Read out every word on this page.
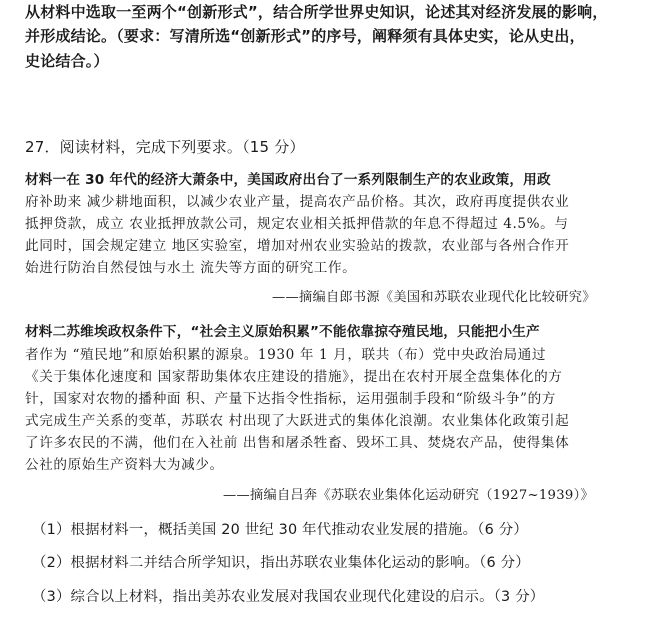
从材料中选取一至两个“创新形式”，结合所学世界史知识，论述其对经济发展的影响，
并形成结论。（要求：写清所选“创新形式”的序号，阐释须有具体史实，论从史出，
史论结合。）
27．阅读材料，完成下列要求。（15 分）
材料一在 30 年代的经济大萧条中，美国政府出台了一系列限制生产的农业政策，用政
府补助来 减少耕地面积，以减少农业产量，提高农产品价格。其次，政府再度提供农业
抵押贷款，成立 农业抵押放款公司，规定农业相关抵押借款的年息不得超过 4.5%。与
此同时，国会规定建立 地区实验室，增加对州农业实验站的拨款，农业部与各州合作开
始进行防治自然侵蚀与水土 流失等方面的研究工作。
——摘编自郎书源《美国和苏联农业现代化比较研究》
材料二苏维埃政权条件下，“社会主义原始积累”不能依靠掠夺殖民地，只能把小生产
者作为 “殖民地”和原始积累的源泉。1930 年 1 月，联共（布）党中央政治局通过
《关于集体化速度和 国家帮助集体农庄建设的措施》，提出在农村开展全盘集体化的方
针，国家对农物的播种面 积、产量下达指令性指标，运用强制手段和“阶级斗争”的方
式完成生产关系的变革，苏联农 村出现了大跃进式的集体化浪潮。农业集体化政策引起
了许多农民的不满，他们在入社前 出售和屠杀牲畜、毁坏工具、焚烧农产品，使得集体
公社的原始生产资料大为减少。
——摘编自吕奔《苏联农业集体化运动研究（1927~1939）》
（1）根据材料一，概括美国 20 世纪 30 年代推动农业发展的措施。（6 分）
（2）根据材料二并结合所学知识，指出苏联农业集体化运动的影响。（6 分）
（3）综合以上材料，指出美苏农业发展对我国农业现代化建设的启示。（3 分）
